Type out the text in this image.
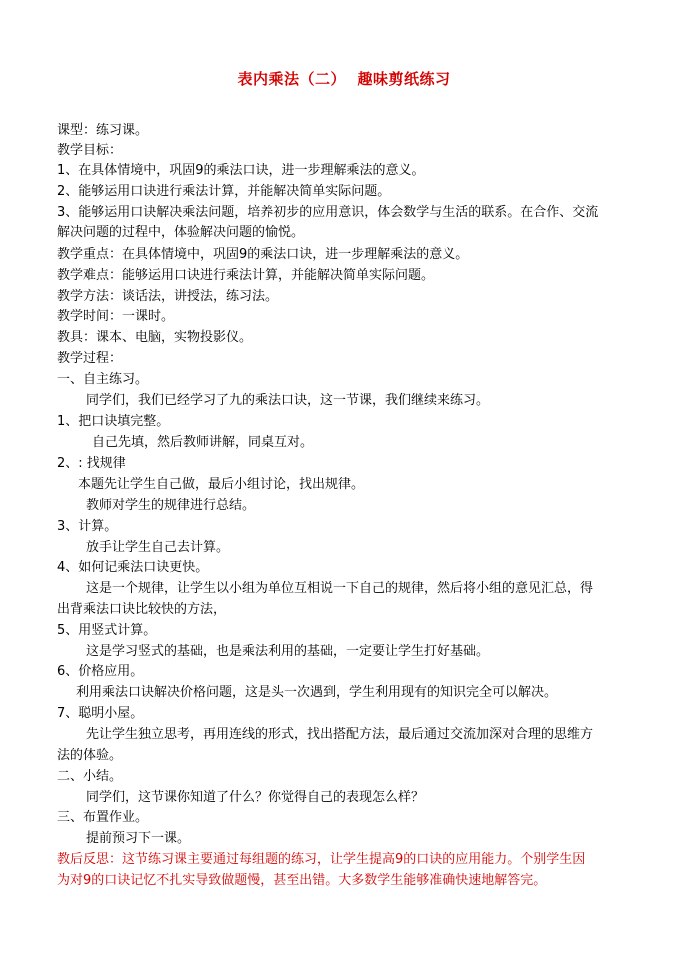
表内乘法（二）  趣味剪纸练习
课型：练习课。
教学目标：
1、在具体情境中，巩固9的乘法口诀，进一步理解乘法的意义。
2、能够运用口诀进行乘法计算，并能解决简单实际问题。
3、能够运用口诀解决乘法问题，培养初步的应用意识，体会数学与生活的联系。在合作、交流
解决问题的过程中，体验解决问题的愉悦。
教学重点：在具体情境中，巩固9的乘法口诀，进一步理解乘法的意义。
教学难点：能够运用口诀进行乘法计算，并能解决简单实际问题。
教学方法：谈话法，讲授法，练习法。
教学时间：一课时。
教具：课本、电脑，实物投影仪。
教学过程：
一、自主练习。
同学们，我们已经学习了九的乘法口诀，这一节课，我们继续来练习。
1、把口诀填完整。
自己先填，然后教师讲解，同桌互对。
2、: 找规律
本题先让学生自己做，最后小组讨论，找出规律。
教师对学生的规律进行总结。
3、计算。
放手让学生自己去计算。
4、如何记乘法口诀更快。
这是一个规律，让学生以小组为单位互相说一下自己的规律，然后将小组的意见汇总，得
出背乘法口诀比较快的方法，
5、用竖式计算。
这是学习竖式的基础，也是乘法利用的基础，一定要让学生打好基础。
6、价格应用。
利用乘法口诀解决价格问题，这是头一次遇到，学生利用现有的知识完全可以解决。
7、聪明小屋。
先让学生独立思考，再用连线的形式，找出搭配方法，最后通过交流加深对合理的思维方
法的体验。
二、小结。
同学们，这节课你知道了什么？你觉得自己的表现怎么样？
三、布置作业。
提前预习下一课。
教后反思：这节练习课主要通过每组题的练习，让学生提高9的口诀的应用能力。个别学生因
为对9的口诀记忆不扎实导致做题慢，甚至出错。大多数学生能够准确快速地解答完。
